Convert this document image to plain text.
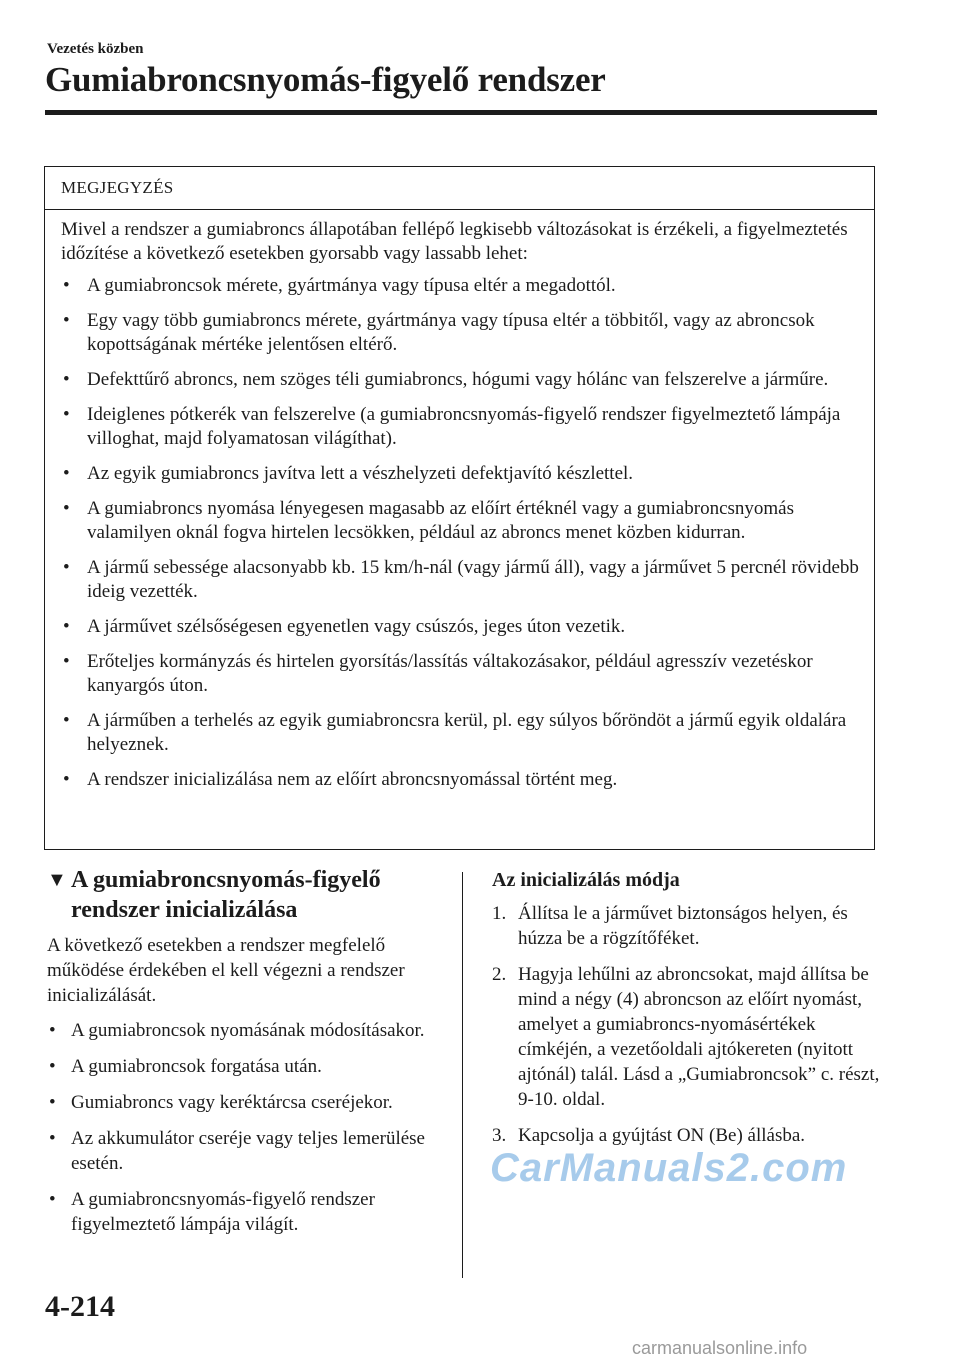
Vezetés közben
Gumiabroncsnyomás-figyelő rendszer
MEGJEGYZÉS

Mivel a rendszer a gumiabroncs állapotában fellépő legkisebb változásokat is érzékeli, a figyelmeztetés időzítése a következő esetekben gyorsabb vagy lassabb lehet:

• A gumiabroncsok mérete, gyártmánya vagy típusa eltér a megadottól.
• Egy vagy több gumiabroncs mérete, gyártmánya vagy típusa eltér a többitől, vagy az abroncsok kopottságának mértéke jelentősen eltérő.
• Defekttűrő abroncs, nem szöges téli gumiabroncs, hógumi vagy hólánc van felszerelve a járműre.
• Ideiglenes pótkerék van felszerelve (a gumiabroncsnyomás-figyelő rendszer figyelmeztető lámpája villoghat, majd folyamatosan világíthat).
• Az egyik gumiabroncs javítva lett a vészhelyzeti defektjavító készlettel.
• A gumiabroncs nyomása lényegesen magasabb az előírt értéknél vagy a gumiabroncsnyomás valamilyen oknál fogva hirtelen lecsökken, például az abroncs menet közben kidurran.
• A jármű sebessége alacsonyabb kb. 15 km/h-nál (vagy jármű áll), vagy a járművet 5 percnél rövidebb ideig vezették.
• A járművet szélsőségesen egyenetlen vagy csúszós, jeges úton vezetik.
• Erőteljes kormányzás és hirtelen gyorsítás/lassítás váltakozásakor, például agresszív vezetéskor kanyargós úton.
• A járműben a terhelés az egyik gumiabroncsra kerül, pl. egy súlyos bőröndöt a jármű egyik oldalára helyeznek.
• A rendszer inicializálása nem az előírt abroncsnyomással történt meg.
▼ A gumiabroncsnyomás-figyelő rendszer inicializálása

A következő esetekben a rendszer megfelelő működése érdekében el kell végezni a rendszer inicializálását.

• A gumiabroncsok nyomásának módosításakor.
• A gumiabroncsok forgatása után.
• Gumiabroncs vagy keréktárcsa cseréjekor.
• Az akkumulátor cseréje vagy teljes lemerülése esetén.
• A gumiabroncsnyomás-figyelő rendszer figyelmeztető lámpája világít.
Az inicializálás módja
1. Állítsa le a járművet biztonságos helyen, és húzza be a rögzítőféket.
2. Hagyja lehűlni az abroncsokat, majd állítsa be mind a négy (4) abroncson az előírt nyomást, amelyet a gumiabroncs-nyomásértékek címkéjén, a vezetőoldali ajtókereten (nyitott ajtónál) talál. Lásd a „Gumiabroncsok” c. részt, 9-10. oldal.
3. Kapcsolja a gyújtást ON (Be) állásba.
CarManuals2.com
4-214
carmanualsonline.info
